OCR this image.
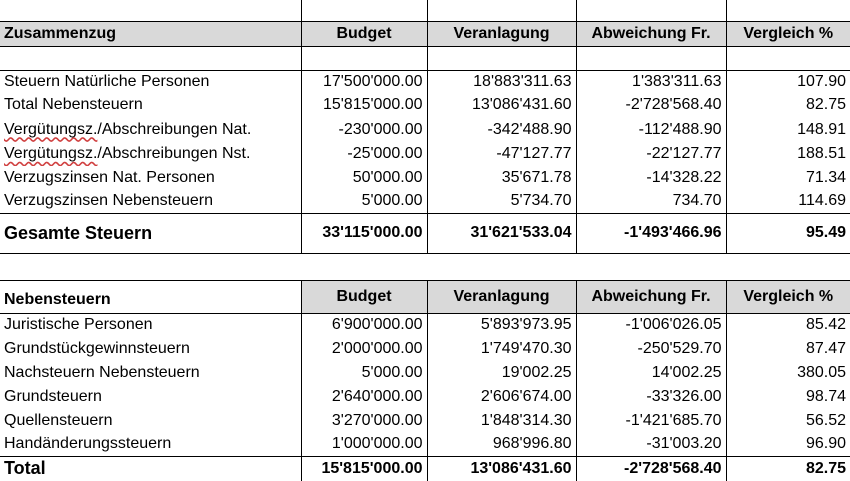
Zusammenzug	Budget	Veranlagung	Abweichung Fr.	Vergleich %

Steuern Natürliche Personen	17'500'000.00	18'883'311.63	1'383'311.63	107.90
Total Nebensteuern	15'815'000.00	13'086'431.60	-2'728'568.40	82.75
Vergütungsz./Abschreibungen Nat.	-230'000.00	-342'488.90	-112'488.90	148.91
Vergütungsz./Abschreibungen Nst.	-25'000.00	-47'127.77	-22'127.77	188.51
Verzugszinsen Nat. Personen	50'000.00	35'671.78	-14'328.22	71.34
Verzugszinsen Nebensteuern	5'000.00	5'734.70	734.70	114.69
Gesamte Steuern	33'115'000.00	31'621'533.04	-1'493'466.96	95.49
Nebensteuern	Budget	Veranlagung	Abweichung Fr.	Vergleich %
Juristische Personen	6'900'000.00	5'893'973.95	-1'006'026.05	85.42
Grundstückgewinnsteuern	2'000'000.00	1'749'470.30	-250'529.70	87.47
Nachsteuern Nebensteuern	5'000.00	19'002.25	14'002.25	380.05
Grundsteuern	2'640'000.00	2'606'674.00	-33'326.00	98.74
Quellensteuern	3'270'000.00	1'848'314.30	-1'421'685.70	56.52
Handänderungssteuern	1'000'000.00	968'996.80	-31'003.20	96.90
Total	15'815'000.00	13'086'431.60	-2'728'568.40	82.75
